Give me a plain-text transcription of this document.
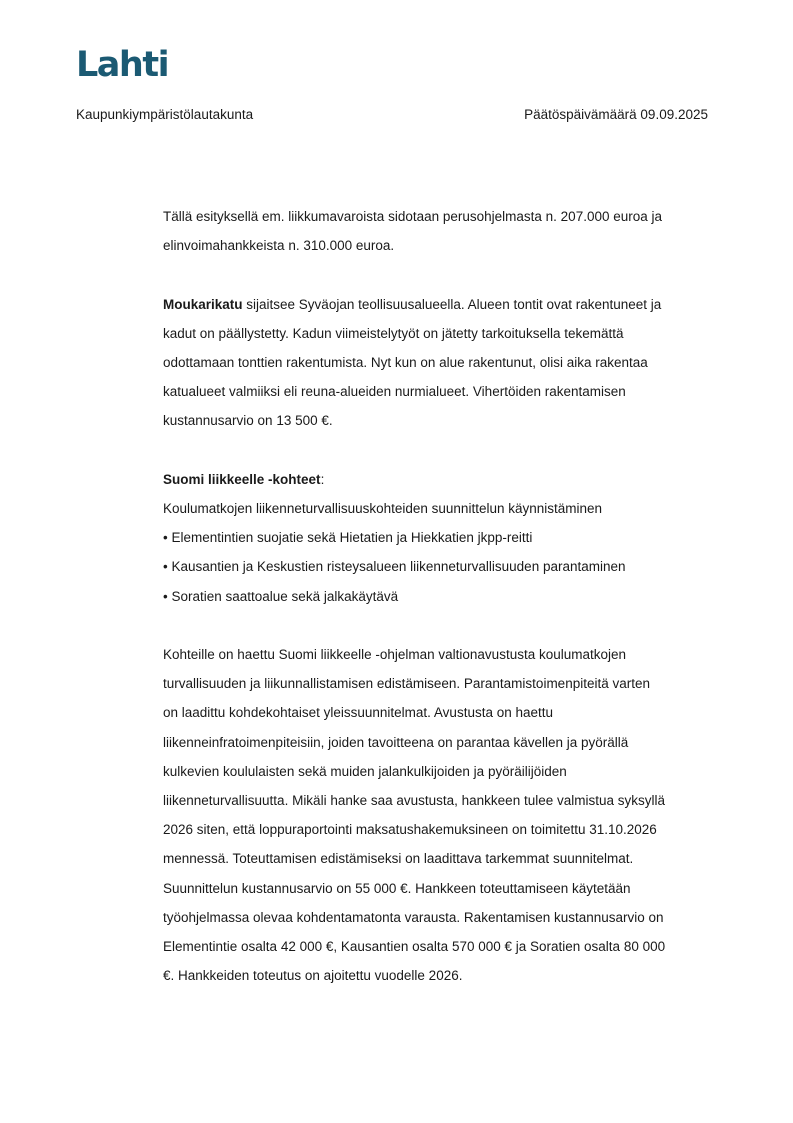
Lahti
Kaupunkiympäristölautakunta	Päätöspäivämäärä 09.09.2025
Tällä esityksellä em. liikkumavaroista sidotaan perusohjelmasta n. 207.000 euroa ja
elinvoimahankkeista n. 310.000 euroa.
Moukarikatu sijaitsee Syväojan teollisuusalueella. Alueen tontit ovat rakentuneet ja
kadut on päällystetty. Kadun viimeistelytyöt on jätetty tarkoituksella tekemättä
odottamaan tonttien rakentumista. Nyt kun on alue rakentunut, olisi aika rakentaa
katualueet valmiiksi eli reuna-alueiden nurmialueet. Vihertöiden rakentamisen
kustannusarvio on 13 500 €.
Suomi liikkeelle -kohteet:
Koulumatkojen liikenneturvallisuuskohteiden suunnittelun käynnistäminen
• Elementintien suojatie sekä Hietatien ja Hiekkatien jkpp-reitti
• Kausantien ja Keskustien risteysalueen liikenneturvallisuuden parantaminen
• Soratien saattoalue sekä jalkakäytävä
Kohteille on haettu Suomi liikkeelle -ohjelman valtionavustusta koulumatkojen
turvallisuuden ja liikunnallistamisen edistämiseen. Parantamistoimenpiteitä varten
on laadittu kohdekohtaiset yleissuunnitelmat. Avustusta on haettu
liikenneinfratoimenpiteisiin, joiden tavoitteena on parantaa kävellen ja pyörällä
kulkevien koululaisten sekä muiden jalankulkijoiden ja pyöräilijöiden
liikenneturvallisuutta. Mikäli hanke saa avustusta, hankkeen tulee valmistua syksyllä
2026 siten, että loppuraportointi maksatushakemuksineen on toimitettu 31.10.2026
mennessä. Toteuttamisen edistämiseksi on laadittava tarkemmat suunnitelmat.
Suunnittelun kustannusarvio on 55 000 €. Hankkeen toteuttamiseen käytetään
työohjelmassa olevaa kohdentamatonta varausta. Rakentamisen kustannusarvio on
Elementintie osalta 42 000 €, Kausantien osalta 570 000 € ja Soratien osalta 80 000
€. Hankkeiden toteutus on ajoitettu vuodelle 2026.
